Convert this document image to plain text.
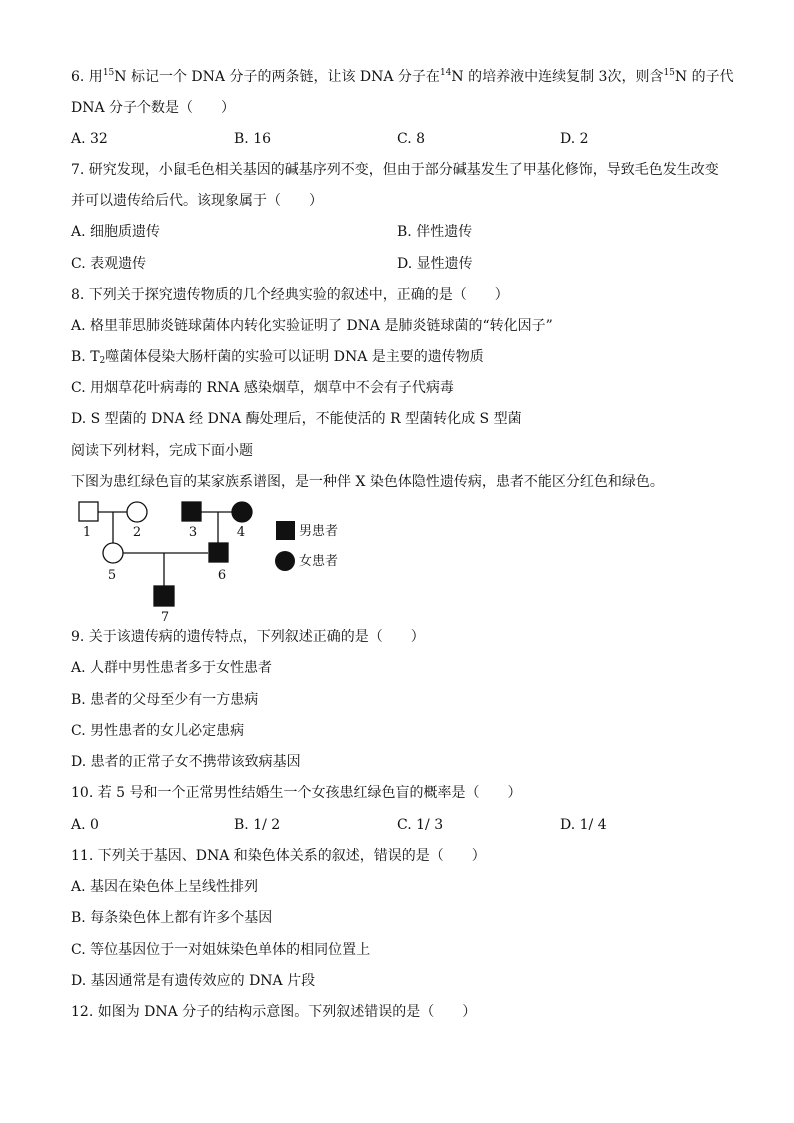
6. 用$^{15}$N 标记一个 DNA 分子的两条链，让该 DNA 分子在$^{14}$N 的培养液中连续复制 3次，则含$^{15}$N 的子代
DNA 分子个数是（　　）
A. 32	B. 16	C. 8	D. 2
7. 研究发现，小鼠毛色相关基因的碱基序列不变，但由于部分碱基发生了甲基化修饰，导致毛色发生改变
并可以遗传给后代。该现象属于（　　）
A. 细胞质遗传	B. 伴性遗传
C. 表观遗传	D. 显性遗传
8. 下列关于探究遗传物质的几个经典实验的叙述中，正确的是（　　）
A. 格里菲思肺炎链球菌体内转化实验证明了 DNA 是肺炎链球菌的“转化因子”
B. $T_2$噬菌体侵染大肠杆菌的实验可以证明 DNA 是主要的遗传物质
C. 用烟草花叶病毒的 RNA 感染烟草，烟草中不会有子代病毒
D. S 型菌的 DNA 经 DNA 酶处理后，不能使活的 R 型菌转化成 S 型菌
阅读下列材料，完成下面小题
下图为患红绿色盲的某家族系谱图，是一种伴 X 染色体隐性遗传病，患者不能区分红色和绿色。
1	2	3	4
5	6
7
男患者
女患者
9. 关于该遗传病的遗传特点，下列叙述正确的是（　　）
A. 人群中男性患者多于女性患者
B. 患者的父母至少有一方患病
C. 男性患者的女儿必定患病
D. 患者的正常子女不携带该致病基因
10. 若 5 号和一个正常男性结婚生一个女孩患红绿色盲的概率是（　　）
A. 0	B. 1/ 2	C. 1/ 3	D. 1/ 4
11. 下列关于基因、DNA 和染色体关系的叙述，错误的是（　　）
A. 基因在染色体上呈线性排列
B. 每条染色体上都有许多个基因
C. 等位基因位于一对姐妹染色单体的相同位置上
D. 基因通常是有遗传效应的 DNA 片段
12. 如图为 DNA 分子的结构示意图。下列叙述错误的是（　　）
